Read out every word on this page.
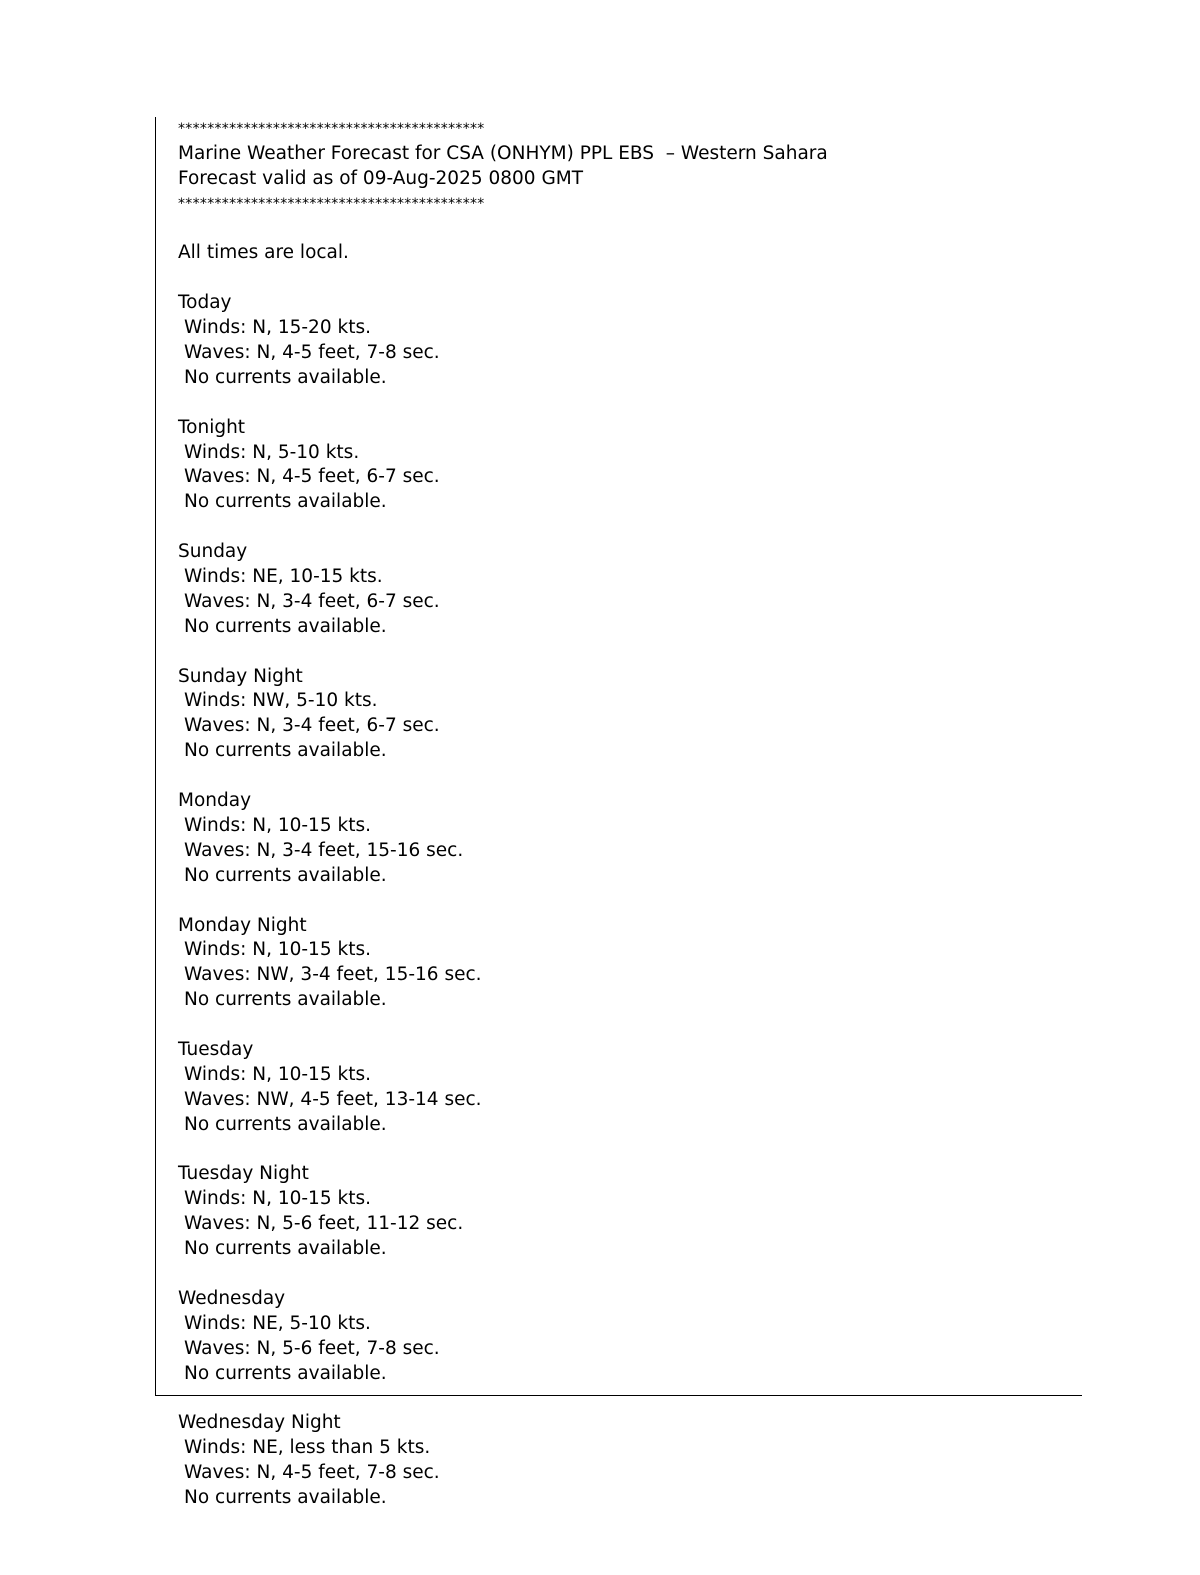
******************************************
Marine Weather Forecast for CSA (ONHYM) PPL EBS  – Western Sahara
Forecast valid as of 09-Aug-2025 0800 GMT
******************************************
All times are local.
Today
Winds: N, 15-20 kts.
Waves: N, 4-5 feet, 7-8 sec.
No currents available.
Tonight
Winds: N, 5-10 kts.
Waves: N, 4-5 feet, 6-7 sec.
No currents available.
Sunday
Winds: NE, 10-15 kts.
Waves: N, 3-4 feet, 6-7 sec.
No currents available.
Sunday Night
Winds: NW, 5-10 kts.
Waves: N, 3-4 feet, 6-7 sec.
No currents available.
Monday
Winds: N, 10-15 kts.
Waves: N, 3-4 feet, 15-16 sec.
No currents available.
Monday Night
Winds: N, 10-15 kts.
Waves: NW, 3-4 feet, 15-16 sec.
No currents available.
Tuesday
Winds: N, 10-15 kts.
Waves: NW, 4-5 feet, 13-14 sec.
No currents available.
Tuesday Night
Winds: N, 10-15 kts.
Waves: N, 5-6 feet, 11-12 sec.
No currents available.
Wednesday
Winds: NE, 5-10 kts.
Waves: N, 5-6 feet, 7-8 sec.
No currents available.
Wednesday Night
Winds: NE, less than 5 kts.
Waves: N, 4-5 feet, 7-8 sec.
No currents available.
